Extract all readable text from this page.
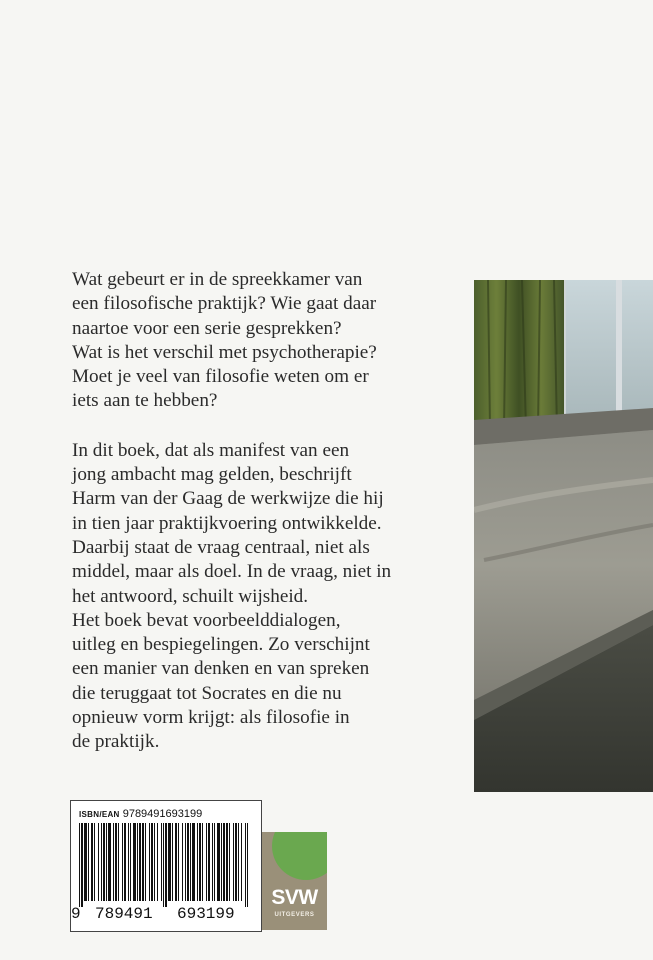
Wat gebeurt er in de spreekkamer van
een filosofische praktijk? Wie gaat daar
naartoe voor een serie gesprekken?
Wat is het verschil met psychotherapie?
Moet je veel van filosofie weten om er
iets aan te hebben?
In dit boek, dat als manifest van een
jong ambacht mag gelden, beschrijft
Harm van der Gaag de werkwijze die hij
in tien jaar praktijkvoering ontwikkelde.
Daarbij staat de vraag centraal, niet als
middel, maar als doel. In de vraag, niet in
het antwoord, schuilt wijsheid.
Het boek bevat voorbeelddialogen,
uitleg en bespiegelingen. Zo verschijnt
een manier van denken en van spreken
die teruggaat tot Socrates en die nu
opnieuw vorm krijgt: als filosofie in
de praktijk.
ISBN/EAN 9789491693199
9 789491 693199
SVW
UITGEVERS
